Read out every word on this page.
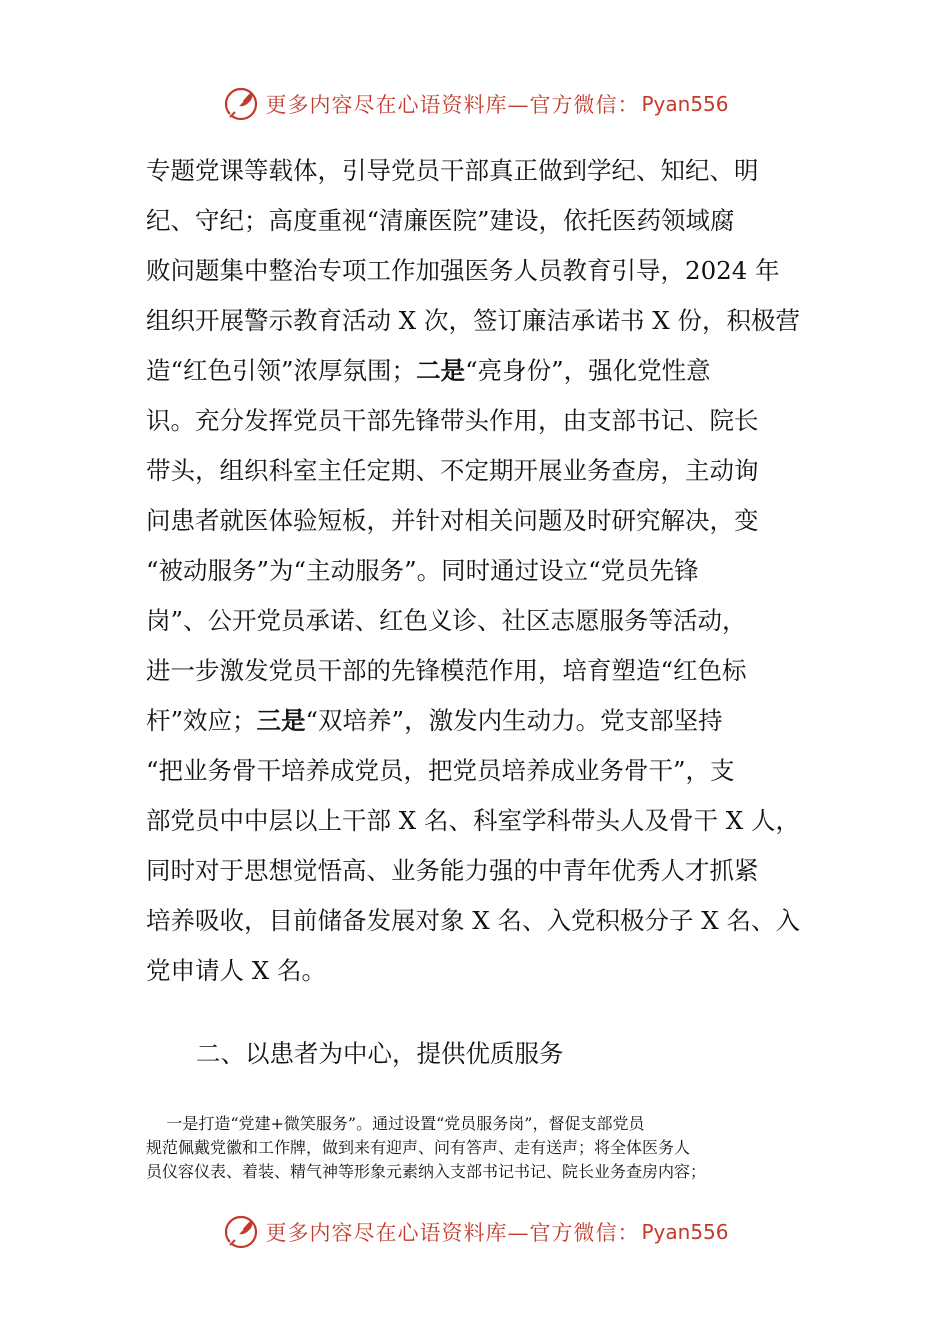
更多内容尽在心语资料库—官方微信： Pyan556
专题党课等载体，引导党员干部真正做到学纪、知纪、明
纪、守纪；高度重视“清廉医院”建设，依托医药领域腐
败问题集中整治专项工作加强医务人员教育引导，2024 年
组织开展警示教育活动 X 次，签订廉洁承诺书 X 份，积极营
造“红色引领”浓厚氛围；二是“亮身份”，强化党性意
识。充分发挥党员干部先锋带头作用，由支部书记、院长
带头，组织科室主任定期、不定期开展业务查房，主动询
问患者就医体验短板，并针对相关问题及时研究解决，变
“被动服务”为“主动服务”。同时通过设立“党员先锋
岗”、公开党员承诺、红色义诊、社区志愿服务等活动，
进一步激发党员干部的先锋模范作用，培育塑造“红色标
杆”效应；三是“双培养”，激发内生动力。党支部坚持
“把业务骨干培养成党员，把党员培养成业务骨干”，支
部党员中中层以上干部 X 名、科室学科带头人及骨干 X 人，
同时对于思想觉悟高、业务能力强的中青年优秀人才抓紧
培养吸收，目前储备发展对象 X 名、入党积极分子 X 名、入
党申请人 X 名。
二、以患者为中心，提供优质服务
一是打造“党建+微笑服务”。通过设置“党员服务岗”，督促支部党员
规范佩戴党徽和工作牌，做到来有迎声、问有答声、走有送声；将全体医务人
员仪容仪表、着装、精气神等形象元素纳入支部书记书记、院长业务查房内容；
更多内容尽在心语资料库—官方微信： Pyan556
